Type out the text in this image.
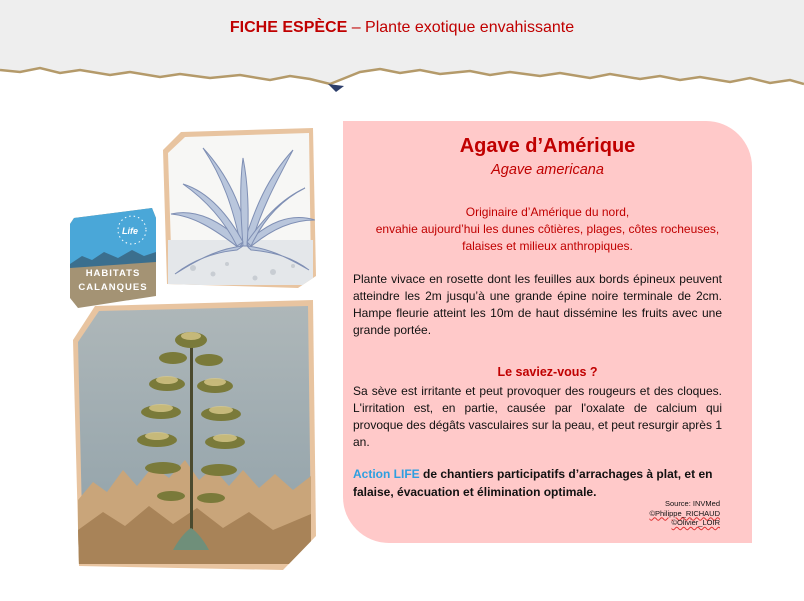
FICHE ESPÈCE – Plante exotique envahissante
Life
HABITATS
CALANQUES
Agave d’Amérique
Agave americana
Originaire d’Amérique du nord,
envahie aujourd’hui les dunes côtières, plages, côtes rocheuses,
falaises et milieux anthropiques.
Plante vivace en rosette dont les feuilles aux bords épineux peuvent atteindre les 2m jusqu’à une grande épine noire terminale de 2cm. Hampe fleurie atteint les 10m de haut dissémine les fruits avec une grande portée.
Le saviez-vous ?
Sa sève est irritante et peut provoquer des rougeurs et des cloques. L'irritation est, en partie, causée par l'oxalate de calcium qui provoque des dégâts vasculaires sur la peau, et peut resurgir après 1 an.
Action LIFE de chantiers participatifs d’arrachages à plat, et en falaise, évacuation et élimination optimale.
Source: INVMed
©Philippe_RICHAUD
©Olivier_LOIR
